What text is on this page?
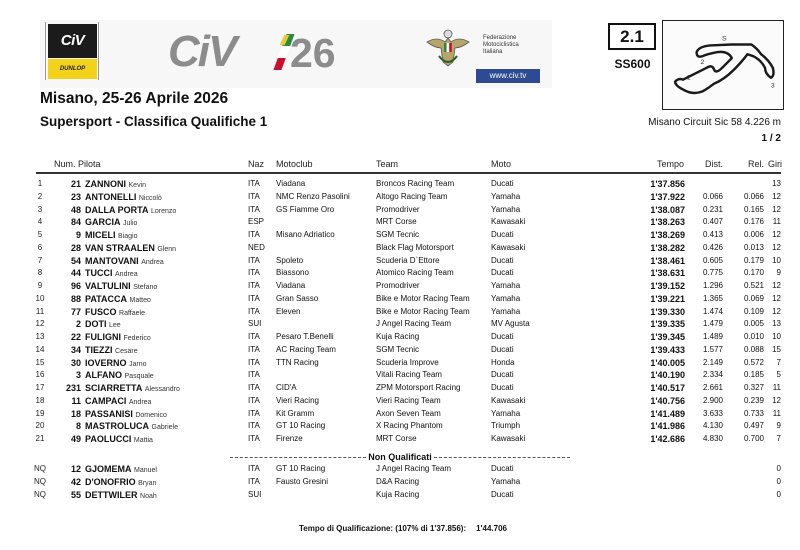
CiV
DUNLOP CiV 26	Federazione
Motociclistica
Italiana
www.civ.tv
Misano, 25-26 Aprile 2026
Supersport - Classifica Qualifiche 1
2.1
SS600
S
2
1
3
Misano Circuit Sic 58 4.226 m
1 / 2
Num. Pilota	Naz Motoclub	Team	Moto	Tempo	Dist.	Rel. Giri
1	21 ZANNONI Kevin	ITA Viadana	Broncos Racing Team	Ducati	1'37.856	13
2	23 ANTONELLI Niccolò	ITA NMC Renzo Pasolini	Altogo Racing Team	Yamaha	1'37.922	0.066	0.066	12
3	48 DALLA PORTA Lorenzo	ITA GS Fiamme Oro	Promodriver	Yamaha	1'38.087	0.231	0.165	12
4	84 GARCIA Julio	ESP	MRT Corse	Kawasaki	1'38.263	0.407	0.176	11
5	9 MICELI Biagio	ITA Misano Adriatico	SGM Tecnic	Ducati	1'38.269	0.413	0.006	12
6	28 VAN STRAALEN Glenn	NED	Black Flag Motorsport	Kawasaki	1'38.282	0.426	0.013	12
7	54 MANTOVANI Andrea	ITA Spoleto	Scuderia D`Ettore	Ducati	1'38.461	0.605	0.179	10
8	44 TUCCI Andrea	ITA Biassono	Atomico Racing Team	Ducati	1'38.631	0.775	0.170	9
9	96 VALTULINI Stefano	ITA Viadana	Promodriver	Yamaha	1'39.152	1.296	0.521	12
10	88 PATACCA Matteo	ITA Gran Sasso	Bike e Motor Racing Team	Yamaha	1'39.221	1.365	0.069	12
11	77 FUSCO Raffaele	ITA Eleven	Bike e Motor Racing Team	Yamaha	1'39.330	1.474	0.109	12
12	2 DOTI Lee	SUI	J Angel Racing Team	MV Agusta	1'39.335	1.479	0.005	13
13	22 FULIGNI Federico	ITA Pesaro T.Benelli	Kuja Racing	Ducati	1'39.345	1.489	0.010	10
14	34 TIEZZI Cesare	ITA AC Racing Team	SGM Tecnic	Ducati	1'39.433	1.577	0.088	15
15	30 IOVERNO Jarno	ITA TTN Racing	Scuderia Improve	Honda	1'40.005	2.149	0.572	7
16	3 ALFANO Pasquale	ITA	Vitali Racing Team	Ducati	1'40.190	2.334	0.185	5
17	231 SCIARRETTA Alessandro	ITA CID'A	ZPM Motorsport Racing	Ducati	1'40.517	2.661	0.327	11
18	11 CAMPACI Andrea	ITA Vieri Racing	Vieri Racing Team	Kawasaki	1'40.756	2.900	0.239	12
19	18 PASSANISI Domenico	ITA Kit Gramm	Axon Seven Team	Yamaha	1'41.489	3.633	0.733	11
20	8 MASTROLUCA Gabriele	ITA GT 10 Racing	X Racing Phantom	Triumph	1'41.986	4.130	0.497	9
21	49 PAOLUCCI Mattia	ITA Firenze	MRT Corse	Kawasaki	1'42.686	4.830	0.700	7
Non Qualificati
NQ	12 GJOMEMA Manuel	ITA GT 10 Racing	J Angel Racing Team	Ducati	0
NQ	42 D'ONOFRIO Bryan	ITA Fausto Gresini	D&A Racing	Yamaha	0
NQ	55 DETTWILER Noah	SUI	Kuja Racing	Ducati	0
Tempo di Qualificazione: (107% di 1'37.856): 1'44.706
